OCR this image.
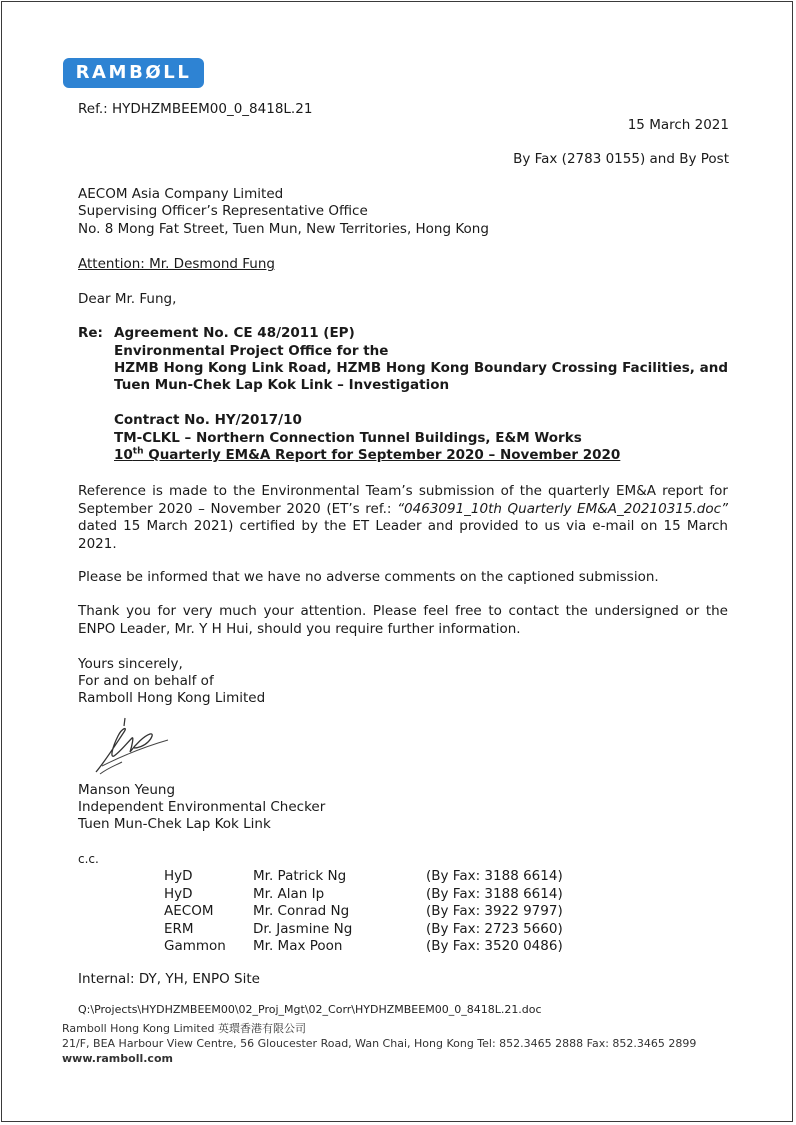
RAMBØLL
Ref.: HYDHZMBEEM00_0_8418L.21
15 March 2021
By Fax (2783 0155) and By Post
AECOM Asia Company Limited
Supervising Officer’s Representative Office
No. 8 Mong Fat Street, Tuen Mun, New Territories, Hong Kong
Attention: Mr. Desmond Fung
Dear Mr. Fung,
Re: Agreement No. CE 48/2011 (EP)
Environmental Project Office for the
HZMB Hong Kong Link Road, HZMB Hong Kong Boundary Crossing Facilities, and
Tuen Mun-Chek Lap Kok Link – Investigation
Contract No. HY/2017/10
TM-CLKL – Northern Connection Tunnel Buildings, E&M Works
10th Quarterly EM&A Report for September 2020 – November 2020
Reference is made to the Environmental Team’s submission of the quarterly EM&A report for September 2020 – November 2020 (ET’s ref.: “0463091_10th Quarterly EM&A_20210315.doc” dated 15 March 2021) certified by the ET Leader and provided to us via e-mail on 15 March 2021.
Please be informed that we have no adverse comments on the captioned submission.
Thank you for very much your attention. Please feel free to contact the undersigned or the ENPO Leader, Mr. Y H Hui, should you require further information.
Yours sincerely,
For and on behalf of
Ramboll Hong Kong Limited
Manson Yeung
Independent Environmental Checker
Tuen Mun-Chek Lap Kok Link
c.c.
HyD	Mr. Patrick Ng	(By Fax: 3188 6614)
HyD	Mr. Alan Ip	(By Fax: 3188 6614)
AECOM	Mr. Conrad Ng	(By Fax: 3922 9797)
ERM	Dr. Jasmine Ng	(By Fax: 2723 5660)
Gammon Mr. Max Poon	(By Fax: 3520 0486)
Internal: DY, YH, ENPO Site
Q:\Projects\HYDHZMBEEM00\02_Proj_Mgt\02_Corr\HYDHZMBEEM00_0_8418L.21.doc
Ramboll Hong Kong Limited 英環香港有限公司
21/F, BEA Harbour View Centre, 56 Gloucester Road, Wan Chai, Hong Kong Tel: 852.3465 2888 Fax: 852.3465 2899
www.ramboll.com
